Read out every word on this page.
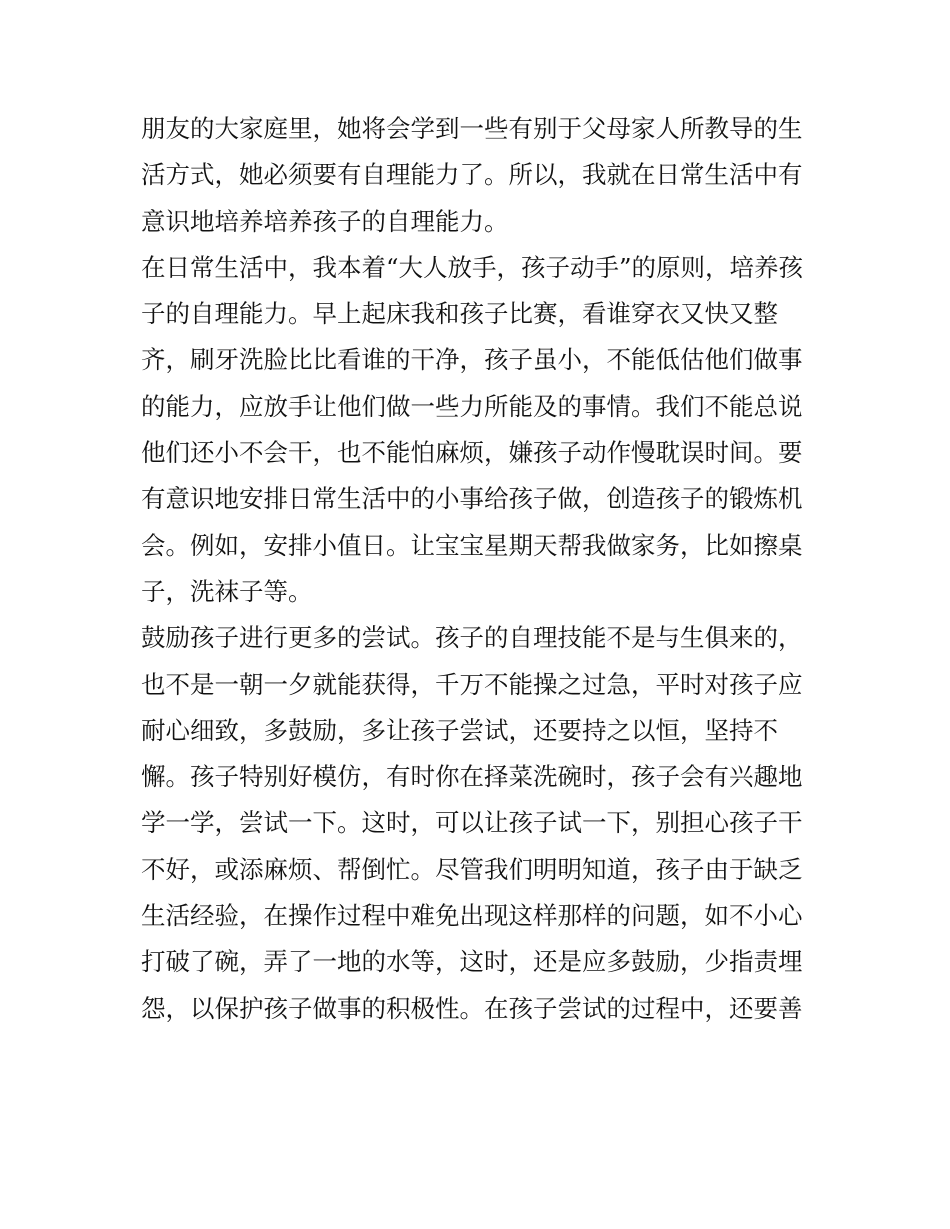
朋友的大家庭里，她将会学到一些有别于父母家人所教导的生
活方式，她必须要有自理能力了。所以，我就在日常生活中有
意识地培养培养孩子的自理能力。
在日常生活中，我本着“大人放手，孩子动手”的原则，培养孩
子的自理能力。早上起床我和孩子比赛，看谁穿衣又快又整
齐，刷牙洗脸比比看谁的干净，孩子虽小，不能低估他们做事
的能力，应放手让他们做一些力所能及的事情。我们不能总说
他们还小不会干，也不能怕麻烦，嫌孩子动作慢耽误时间。要
有意识地安排日常生活中的小事给孩子做，创造孩子的锻炼机
会。例如，安排小值日。让宝宝星期天帮我做家务，比如擦桌
子，洗袜子等。
鼓励孩子进行更多的尝试。孩子的自理技能不是与生俱来的，
也不是一朝一夕就能获得，千万不能操之过急，平时对孩子应
耐心细致，多鼓励，多让孩子尝试，还要持之以恒，坚持不
懈。孩子特别好模仿，有时你在择菜洗碗时，孩子会有兴趣地
学一学，尝试一下。这时，可以让孩子试一下，别担心孩子干
不好，或添麻烦、帮倒忙。尽管我们明明知道，孩子由于缺乏
生活经验，在操作过程中难免出现这样那样的问题，如不小心
打破了碗，弄了一地的水等，这时，还是应多鼓励，少指责埋
怨，以保护孩子做事的积极性。在孩子尝试的过程中，还要善
